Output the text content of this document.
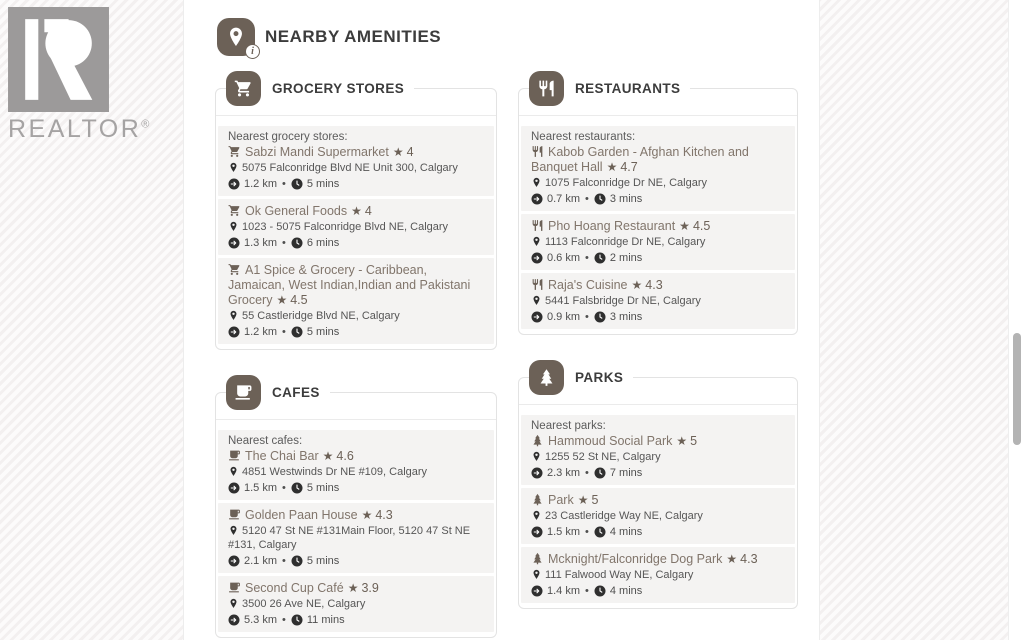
REALTOR®
i
NEARBY AMENITIES
GROCERY STORES
Nearest grocery stores:
Sabzi Mandi Supermarket ★ 4
5075 Falconridge Blvd NE Unit 300, Calgary
1.2 km • 5 mins
Ok General Foods ★ 4
1023 - 5075 Falconridge Blvd NE, Calgary
1.3 km • 6 mins
A1 Spice & Grocery - Caribbean, Jamaican, West Indian,Indian and Pakistani Grocery ★ 4.5
55 Castleridge Blvd NE, Calgary
1.2 km • 5 mins
CAFES
Nearest cafes:
The Chai Bar ★ 4.6
4851 Westwinds Dr NE #109, Calgary
1.5 km • 5 mins
Golden Paan House ★ 4.3
5120 47 St NE #131Main Floor, 5120 47 St NE #131, Calgary
2.1 km • 5 mins
Second Cup Café ★ 3.9
3500 26 Ave NE, Calgary
5.3 km • 11 mins
RESTAURANTS
Nearest restaurants:
Kabob Garden - Afghan Kitchen and Banquet Hall ★ 4.7
1075 Falconridge Dr NE, Calgary
0.7 km • 3 mins
Pho Hoang Restaurant ★ 4.5
1113 Falconridge Dr NE, Calgary
0.6 km • 2 mins
Raja's Cuisine ★ 4.3
5441 Falsbridge Dr NE, Calgary
0.9 km • 3 mins
PARKS
Nearest parks:
Hammoud Social Park ★ 5
1255 52 St NE, Calgary
2.3 km • 7 mins
Park ★ 5
23 Castleridge Way NE, Calgary
1.5 km • 4 mins
Mcknight/Falconridge Dog Park ★ 4.3
111 Falwood Way NE, Calgary
1.4 km • 4 mins
